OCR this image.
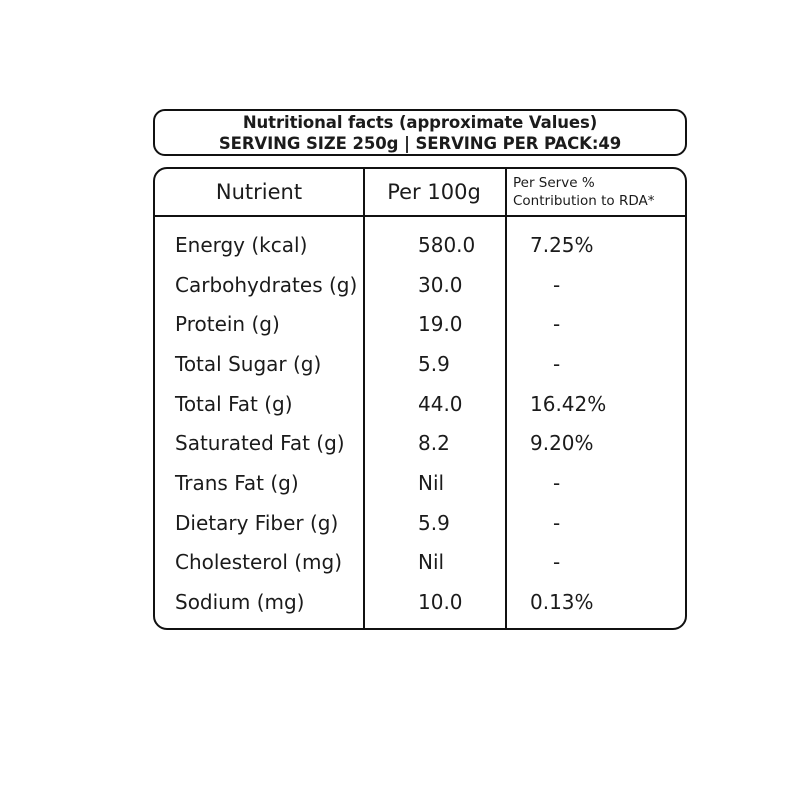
Nutritional facts (approximate Values)
SERVING SIZE 250g | SERVING PER PACK:49
Nutrient	Per 100g	Per Serve %
Contribution to RDA*
Energy (kcal)	580.0	7.25%
Carbohydrates (g)	30.0	-
Protein (g)	19.0	-
Total Sugar (g)	5.9	-
Total Fat (g)	44.0	16.42%
Saturated Fat (g)	8.2	9.20%
Trans Fat (g)	Nil	-
Dietary Fiber (g)	5.9	-
Cholesterol (mg)	Nil	-
Sodium (mg)	10.0	0.13%
